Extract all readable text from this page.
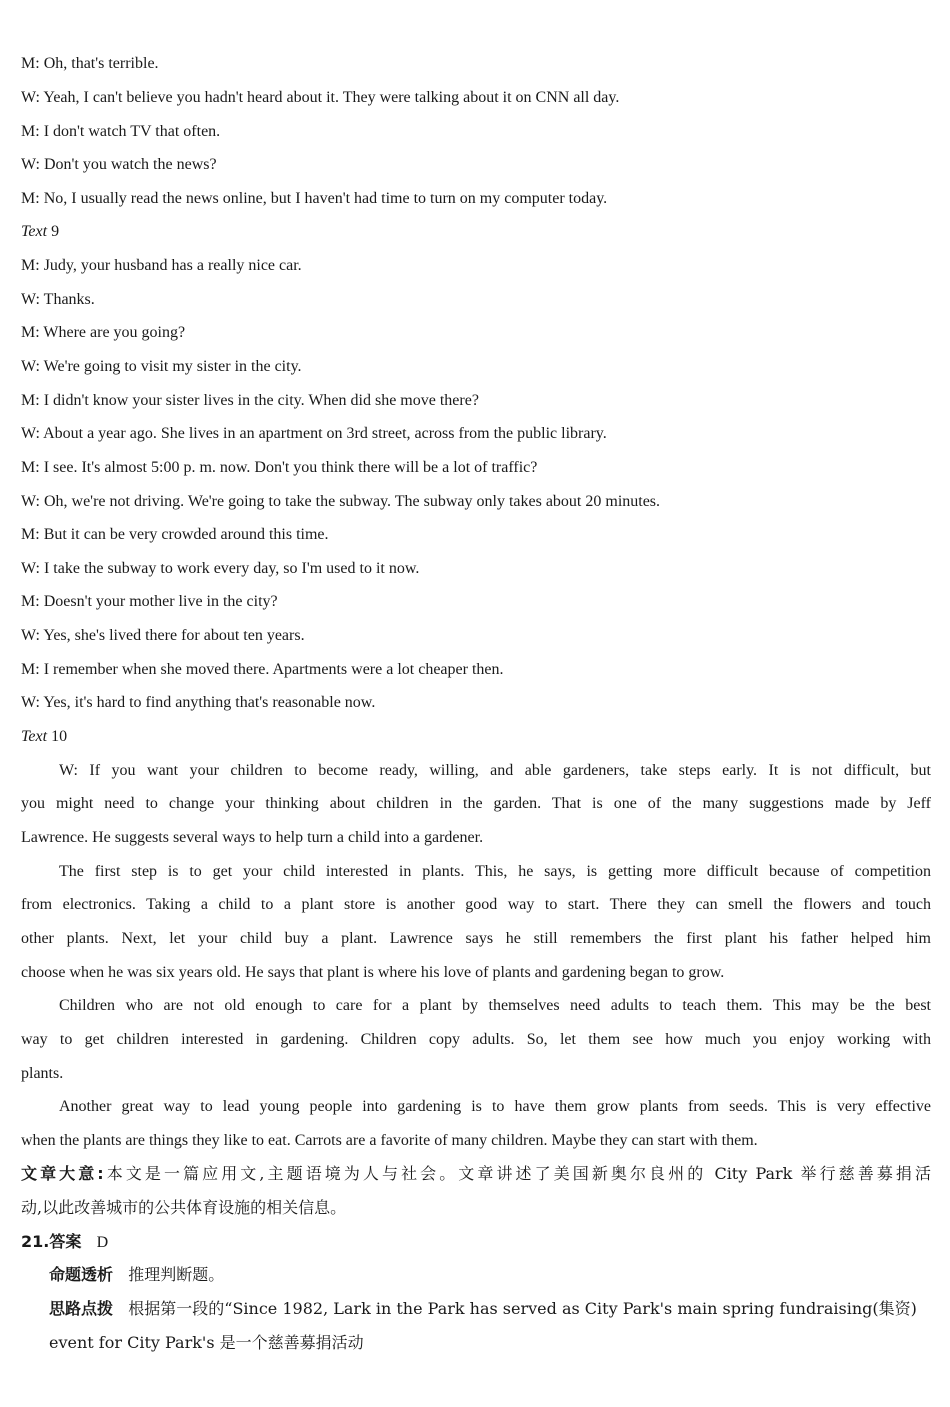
M: Oh, that's terrible.
W: Yeah, I can't believe you hadn't heard about it. They were talking about it on CNN all day.
M: I don't watch TV that often.
W: Don't you watch the news?
M: No, I usually read the news online, but I haven't had time to turn on my computer today.
Text 9
M: Judy, your husband has a really nice car.
W: Thanks.
M: Where are you going?
W: We're going to visit my sister in the city.
M: I didn't know your sister lives in the city. When did she move there?
W: About a year ago. She lives in an apartment on 3rd street, across from the public library.
M: I see. It's almost 5:00 p. m. now. Don't you think there will be a lot of traffic?
W: Oh, we're not driving. We're going to take the subway. The subway only takes about 20 minutes.
M: But it can be very crowded around this time.
W: I take the subway to work every day, so I'm used to it now.
M: Doesn't your mother live in the city?
W: Yes, she's lived there for about ten years.
M: I remember when she moved there. Apartments were a lot cheaper then.
W: Yes, it's hard to find anything that's reasonable now.
Text 10
W: If you want your children to become ready, willing, and able gardeners, take steps early. It is not difficult, but
you might need to change your thinking about children in the garden. That is one of the many suggestions made by Jeff
Lawrence. He suggests several ways to help turn a child into a gardener.
The first step is to get your child interested in plants. This, he says, is getting more difficult because of competition
from electronics. Taking a child to a plant store is another good way to start. There they can smell the flowers and touch
other plants. Next, let your child buy a plant. Lawrence says he still remembers the first plant his father helped him
choose when he was six years old. He says that plant is where his love of plants and gardening began to grow.
Children who are not old enough to care for a plant by themselves need adults to teach them. This may be the best
way to get children interested in gardening. Children copy adults. So, let them see how much you enjoy working with
plants.
Another great way to lead young people into gardening is to have them grow plants from seeds. This is very effective
when the plants are things they like to eat. Carrots are a favorite of many children. Maybe they can start with them.
文章大意:本文是一篇应用文,主题语境为人与社会。文章讲述了美国新奥尔良州的 City Park 举行慈善募捐活
动,以此改善城市的公共体育设施的相关信息。
21.答案 D
命题透析 推理判断题。
思路点拨 根据第一段的“Since 1982, Lark in the Park has served as City Park's main spring fundraising(集资)
event for City Park's 是一个慈善募捐活动
